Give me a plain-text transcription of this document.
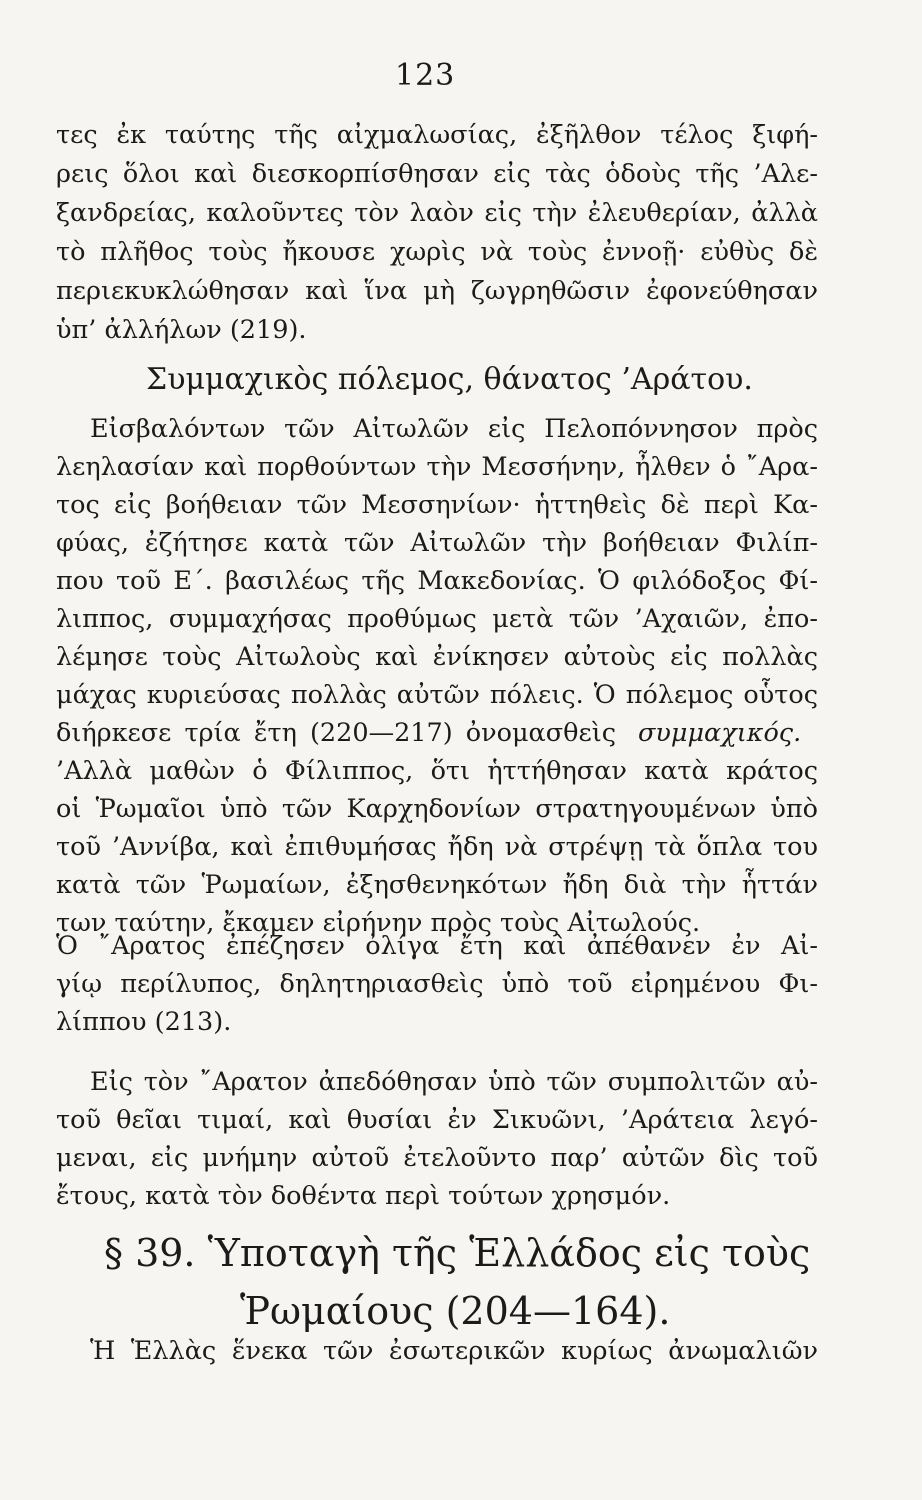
123
τες ἐκ ταύτης τῆς αἰχμαλωσίας, ἐξῆλθον τέλος ξιφή-
ρεις ὅλοι καὶ διεσκορπίσθησαν εἰς τὰς ὁδοὺς τῆς ’Αλε-
ξανδρείας, καλοῦντες τὸν λαὸν εἰς τὴν ἐλευθερίαν, ἀλλὰ
τὸ πλῆθος τοὺς ἤκουσε χωρὶς νὰ τοὺς ἐννοῇ· εὐθὺς δὲ
περιεκυκλώθησαν καὶ ἵνα μὴ ζωγρηθῶσιν ἐφονεύθησαν
ὑπ’ ἀλλήλων (219).
Συμμαχικὸς πόλεμος, θάνατος ’Αράτου.
Εἰσβαλόντων τῶν Αἰτωλῶν εἰς Πελοπόννησον πρὸς
λεηλασίαν καὶ πορθούντων τὴν Μεσσήνην, ἦλθεν ὁ ῎Αρα-
τος εἰς βοήθειαν τῶν Μεσσηνίων· ἡττηθεὶς δὲ περὶ Κα-
φύας, ἐζήτησε κατὰ τῶν Αἰτωλῶν τὴν βοήθειαν Φιλίπ-
που τοῦ Ε΄. βασιλέως τῆς Μακεδονίας. Ὁ φιλόδοξος Φί-
λιππος, συμμαχήσας προθύμως μετὰ τῶν ’Αχαιῶν, ἐπο-
λέμησε τοὺς Αἰτωλοὺς καὶ ἐνίκησεν αὐτοὺς εἰς πολλὰς
μάχας κυριεύσας πολλὰς αὐτῶν πόλεις. Ὁ πόλεμος οὗτος
διήρκεσε τρία ἔτη (220—217) ὀνομασθεὶς συμμαχικός.
’Αλλὰ μαθὼν ὁ Φίλιππος, ὅτι ἡττήθησαν κατὰ κράτος
οἱ Ῥωμαῖοι ὑπὸ τῶν Καρχηδονίων στρατηγουμένων ὑπὸ
τοῦ ’Αννίβα, καὶ ἐπιθυμήσας ἤδη νὰ στρέψῃ τὰ ὅπλα του
κατὰ τῶν Ῥωμαίων, ἐξησθενηκότων ἤδη διὰ τὴν ἧττάν
των ταύτην, ἔκαμεν εἰρήνην πρὸς τοὺς Αἰτωλούς.
Ὁ ῎Αρατος ἐπέζησεν ὀλίγα ἔτη καὶ ἀπέθανεν ἐν Αἰ-
γίῳ περίλυπος, δηλητηριασθεὶς ὑπὸ τοῦ εἰρημένου Φι-
λίππου (213).
Εἰς τὸν ῎Αρατον ἀπεδόθησαν ὑπὸ τῶν συμπολιτῶν αὐ-
τοῦ θεῖαι τιμαί, καὶ θυσίαι ἐν Σικυῶνι, ’Αράτεια λεγό-
μεναι, εἰς μνήμην αὐτοῦ ἐτελοῦντο παρ’ αὐτῶν δὶς τοῦ
ἔτους, κατὰ τὸν δοθέντα περὶ τούτων χρησμόν.
§ 39. Ὑποταγὴ τῆς Ἑλλάδος εἰς τοὺς
Ῥωμαίους (204—164).
Ἡ Ἑλλὰς ἕνεκα τῶν ἐσωτερικῶν κυρίως ἀνωμαλιῶν
